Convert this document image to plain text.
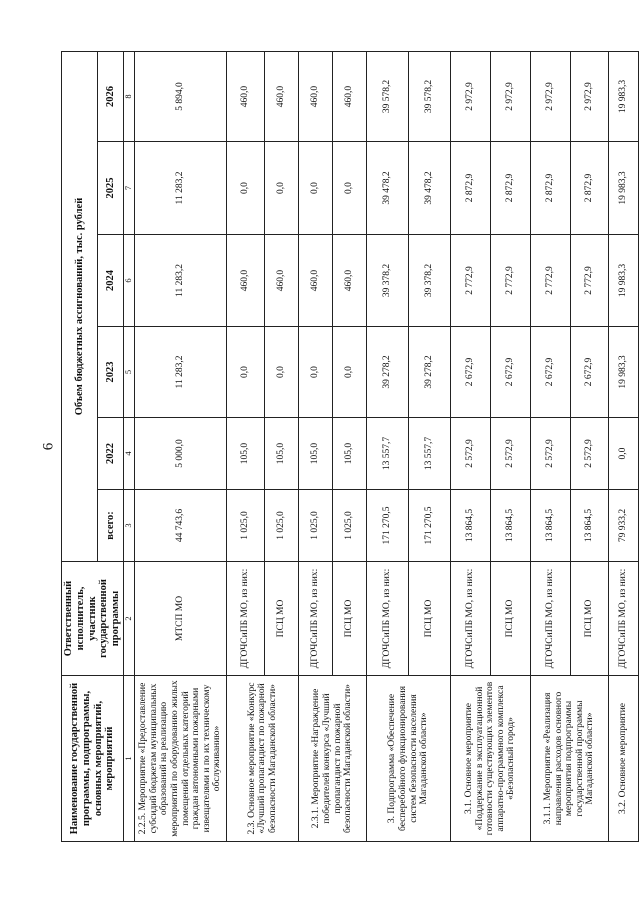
6
Наименование государственной программы, подпрограммы, основных мероприятий, мероприятий	Ответственный исполнитель, участник государственной программы	Объем бюджетных ассигнований, тыс. рублей					
		всего:	2022	2023	2024	2025	2026
1	2	3	4	5	6	7	8
2.2.5. Мероприятие «Предоставление субсидий бюджетам муниципальных образований на реализацию мероприятий по оборудованию жилых помещений отдельных категорий граждан автономными пожарными извещателями и по их техническому обслуживанию»	МТСП МО	44 743,6	5 000,0	11 283,2	11 283,2	11 283,2	5 894,0
2.3. Основное мероприятие «Конкурс «Лучший пропагандист по пожарной безопасности Магаданской области»	ДГОЧСиПБ МО, из них:	1 025,0	105,0	0,0	460,0	0,0	460,0
	ПСЦ МО	1 025,0	105,0	0,0	460,0	0,0	460,0
2.3.1. Мероприятие «Награждение победителей конкурса «Лучший пропагандист по пожарной безопасности Магаданской области»	ДГОЧСиПБ МО, из них:	1 025,0	105,0	0,0	460,0	0,0	460,0
	ПСЦ МО	1 025,0	105,0	0,0	460,0	0,0	460,0
3. Подпрограмма «Обеспечение бесперебойного функционирования систем безопасности населения Магаданской области»	ДГОЧСиПБ МО, из них:	171 270,5	13 557,7	39 278,2	39 378,2	39 478,2	39 578,2
	ПСЦ МО	171 270,5	13 557,7	39 278,2	39 378,2	39 478,2	39 578,2
3.1. Основное мероприятие «Поддержание в эксплуатационной готовности существующих элементов аппаратно-программного комплекса «Безопасный город»	ДГОЧСиПБ МО, из них:	13 864,5	2 572,9	2 672,9	2 772,9	2 872,9	2 972,9
	ПСЦ МО	13 864,5	2 572,9	2 672,9	2 772,9	2 872,9	2 972,9
3.1.1. Мероприятие «Реализация направления расходов основного мероприятия подпрограммы государственной программы Магаданской области»	ДГОЧСиПБ МО, из них:	13 864,5	2 572,9	2 672,9	2 772,9	2 872,9	2 972,9
	ПСЦ МО	13 864,5	2 572,9	2 672,9	2 772,9	2 872,9	2 972,9
3.2. Основное мероприятие	ДГОЧСиПБ МО, из них:	79 933,2	0,0	19 983,3	19 983,3	19 983,3	19 983,3
